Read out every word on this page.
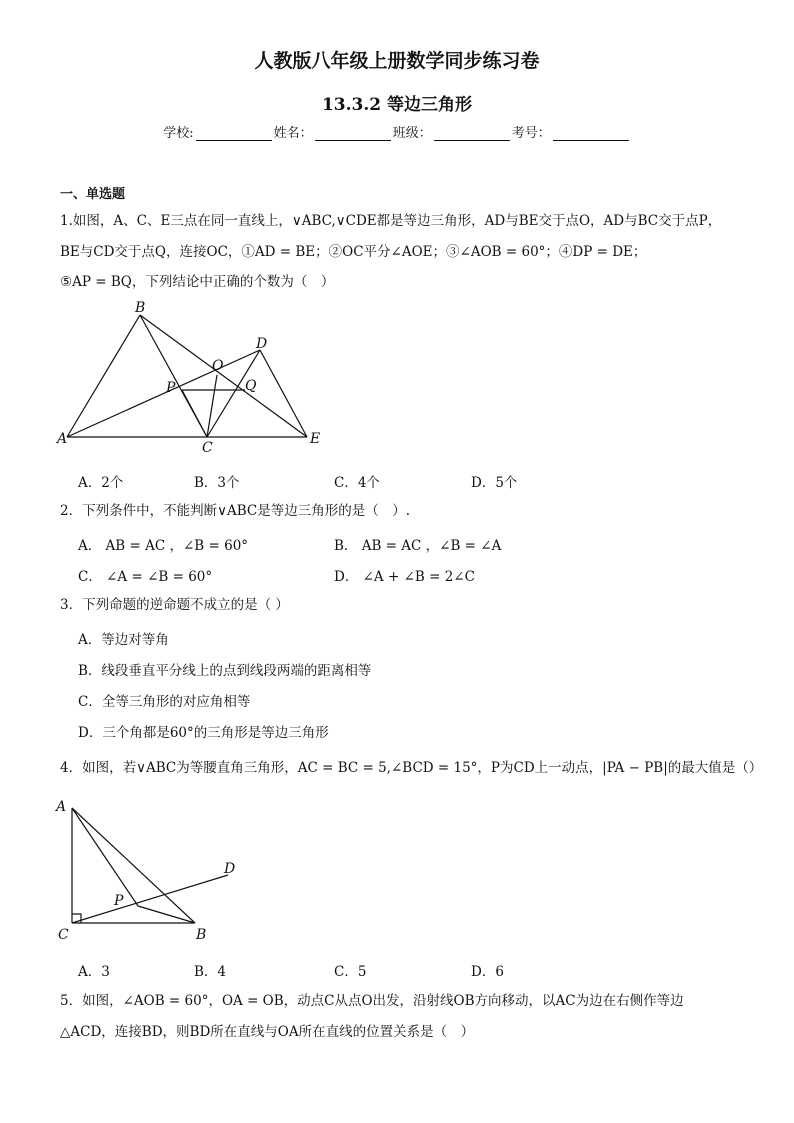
人教版八年级上册数学同步练习卷
13.3.2 等边三角形
学校:	姓名：	班级：	考号：
一、单选题
1.如图，A、C、E三点在同一直线上，∨ABC,∨CDE都是等边三角形，AD与BE交于点O，AD与BC交于点P，
BE与CD交于点Q，连接OC，①AD = BE；②OC平分∠AOE；③∠AOB = 60°；④DP = DE；
⑤AP = BQ，下列结论中正确的个数为（　）
A
B
C
D
E
O
P	Q
A．2个	B．3个	C．4个	D．5个
2．下列条件中，不能判断∨ABC是等边三角形的是（　）.
A． AB = AC ，∠B = 60°	B． AB = AC ，∠B = ∠A
C． ∠A = ∠B = 60°	D． ∠A + ∠B = 2∠C
3．下列命题的逆命题不成立的是（ ）
A．等边对等角
B．线段垂直平分线上的点到线段两端的距离相等
C．全等三角形的对应角相等
D．三个角都是60°的三角形是等边三角形
4．如图，若∨ABC为等腰直角三角形，AC = BC = 5,∠BCD = 15°，P为CD上一动点，|PA − PB|的最大值是（）
A
C	B
D
P
A．3	B．4	C．5	D．6
5．如图，∠AOB = 60°，OA = OB，动点C从点O出发，沿射线OB方向移动，以AC为边在右侧作等边
△ACD，连接BD，则BD所在直线与OA所在直线的位置关系是（　）
